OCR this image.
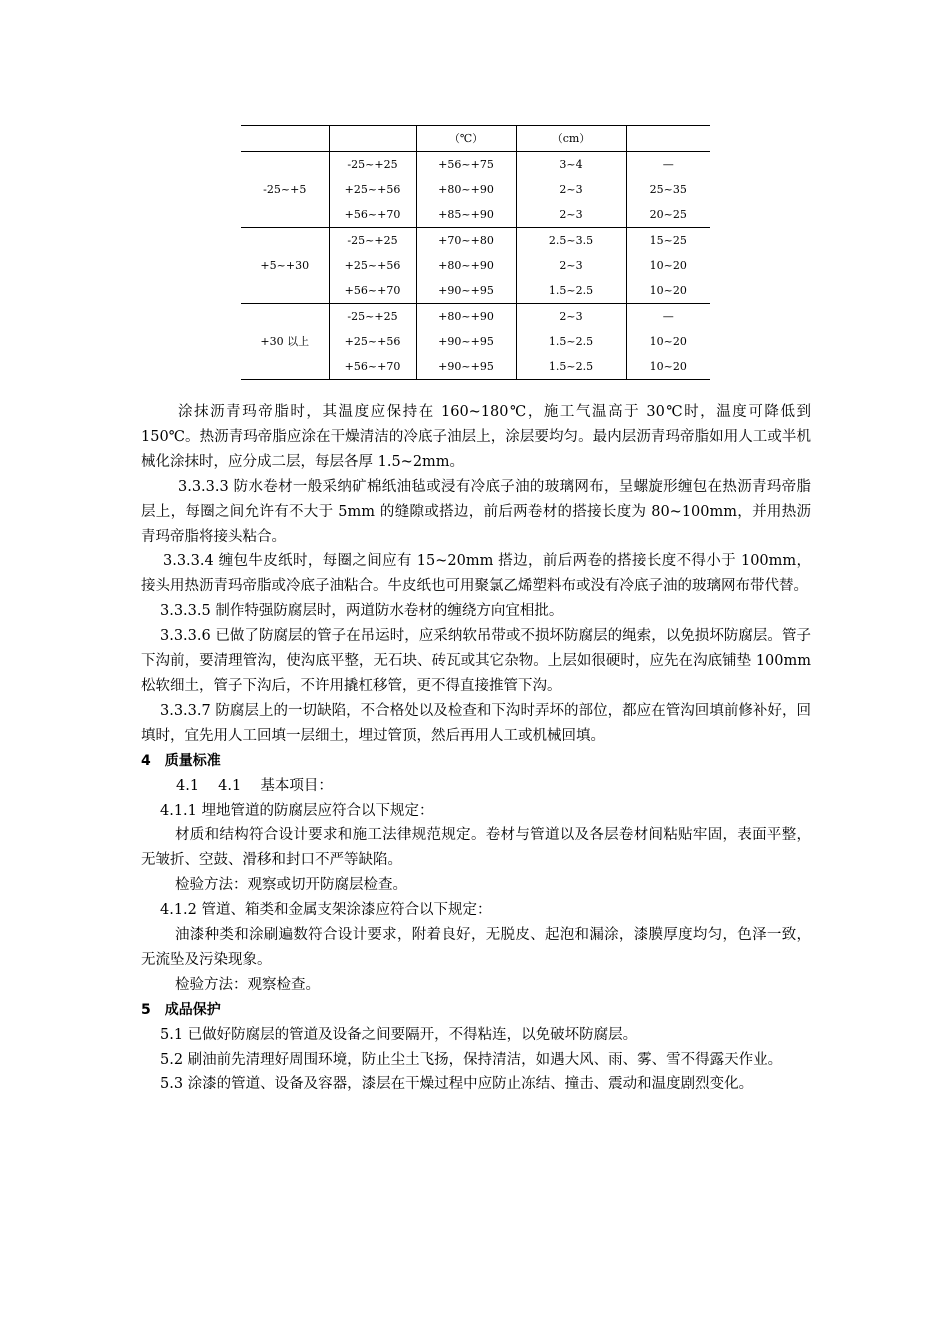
		（℃）	（cm）	
-25~+5	-25~+25	+56~+75	3~4	—
	+25~+56	+80~+90	2~3	25~35
	+56~+70	+85~+90	2~3	20~25
+5~+30	-25~+25	+70~+80	2.5~3.5	15~25
	+25~+56	+80~+90	2~3	10~20
	+56~+70	+90~+95	1.5~2.5	10~20
+30 以上	-25~+25	+80~+90	2~3	—
	+25~+56	+90~+95	1.5~2.5	10~20
	+56~+70	+90~+95	1.5~2.5	10~20

涂抹沥青玛帝脂时，其温度应保持在 160~180℃，施工气温高于 30℃时，温度可降低到 150℃。热沥青玛帝脂应涂在干燥清洁的冷底子油层上，涂层要均匀。最内层沥青玛帝脂如用人工或半机械化涂抹时，应分成二层，每层各厚 1.5~2mm。

3.3.3.3 防水卷材一般采纳矿棉纸油毡或浸有冷底子油的玻璃网布，呈螺旋形缠包在热沥青玛帝脂层上，每圈之间允许有不大于 5mm 的缝隙或搭边，前后两卷材的搭接长度为 80~100mm，并用热沥青玛帝脂将接头粘合。

3.3.3.4 缠包牛皮纸时，每圈之间应有 15~20mm 搭边，前后两卷的搭接长度不得小于 100mm，接头用热沥青玛帝脂或冷底子油粘合。牛皮纸也可用聚氯乙烯塑料布或没有冷底子油的玻璃网布带代替。

3.3.3.5 制作特强防腐层时，两道防水卷材的缠绕方向宜相批。

3.3.3.6 已做了防腐层的管子在吊运时，应采纳软吊带或不损坏防腐层的绳索，以免损坏防腐层。管子下沟前，要清理管沟，使沟底平整，无石块、砖瓦或其它杂物。上层如很硬时，应先在沟底铺垫 100mm 松软细土，管子下沟后，不许用撬杠移管，更不得直接推管下沟。

3.3.3.7 防腐层上的一切缺陷，不合格处以及检查和下沟时弄坏的部位，都应在管沟回填前修补好，回填时，宜先用人工回填一层细土，埋过管顶，然后再用人工或机械回填。

4　质量标准

4.1　 4.1　 基本项目：

4.1.1 埋地管道的防腐层应符合以下规定：

材质和结构符合设计要求和施工法律规范规定。卷材与管道以及各层卷材间粘贴牢固，表面平整，无皱折、空鼓、滑移和封口不严等缺陷。

检验方法：观察或切开防腐层检查。

4.1.2 管道、箱类和金属支架涂漆应符合以下规定：

油漆种类和涂刷遍数符合设计要求，附着良好，无脱皮、起泡和漏涂，漆膜厚度均匀，色泽一致，无流坠及污染现象。

检验方法：观察检查。

5　成品保护

5.1 已做好防腐层的管道及设备之间要隔开，不得粘连，以免破坏防腐层。

5.2 刷油前先清理好周围环境，防止尘土飞扬，保持清洁，如遇大风、雨、雾、雪不得露天作业。

5.3 涂漆的管道、设备及容器，漆层在干燥过程中应防止冻结、撞击、震动和温度剧烈变化。
